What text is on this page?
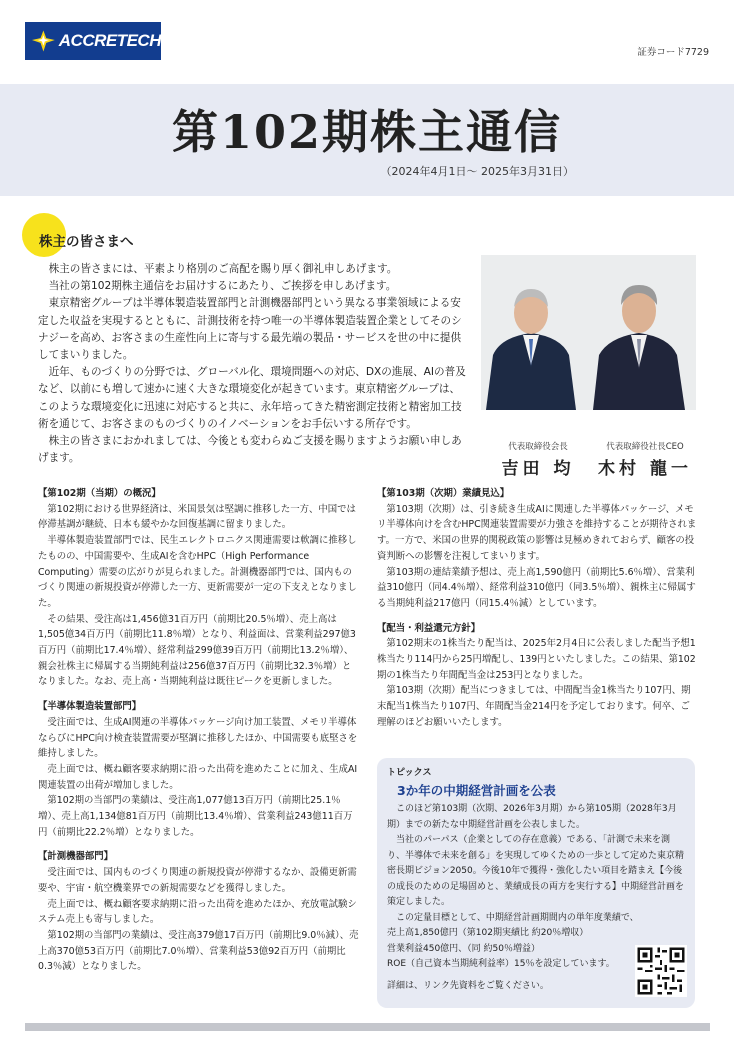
ACCRETECH
証券コード7729
第102期株主通信
（2024年4月1日〜 2025年3月31日）
株主の皆さまへ

株主の皆さまには、平素より格別のご高配を賜り厚く御礼申しあげます。

当社の第102期株主通信をお届けするにあたり、ご挨拶を申しあげます。

東京精密グループは半導体製造装置部門と計測機器部門という異なる事業領域による安定した収益を実現するとともに、計測技術を持つ唯一の半導体製造装置企業としてそのシナジーを高め、お客さまの生産性向上に寄与する最先端の製品・サービスを世の中に提供してまいりました。

近年、ものづくりの分野では、グローバル化、環境問題への対応、DXの進展、AIの普及など、以前にも増して速かに速く大きな環境変化が起きています。東京精密グループは、このような環境変化に迅速に対応すると共に、永年培ってきた精密測定技術と精密加工技術を通じて、お客さまのものづくりのイノベーションをお手伝いする所存です。

株主の皆さまにおかれましては、今後とも変わらぬご支援を賜りますようお願い申しあげます。

代表取締役会長
吉田 均
代表取締役社長CEO
木村 龍一
【第102期（当期）の概況】

第102期における世界経済は、米国景気は堅調に推移した一方、中国では停滞基調が継続、日本も緩やかな回復基調に留まりました。

半導体製造装置部門では、民生エレクトロニクス関連需要は軟調に推移したものの、中国需要や、生成AIを含むHPC（High Performance Computing）需要の広がりが見られました。計測機器部門では、国内ものづくり関連の新規投資が停滞した一方、更新需要が一定の下支えとなりました。

その結果、受注高は1,456億31百万円（前期比20.5％増）、売上高は1,505億34百万円（前期比11.8％増）となり、利益面は、営業利益297億3百万円（前期比17.4％増）、経常利益299億39百万円（前期比13.2％増）、親会社株主に帰属する当期純利益は256億37百万円（前期比32.3％増）となりました。なお、売上高・当期純利益は既往ピークを更新しました。

【半導体製造装置部門】

受注面では、生成AI関連の半導体パッケージ向け加工装置、メモリ半導体ならびにHPC向け検査装置需要が堅調に推移したほか、中国需要も底堅さを維持しました。

売上面では、概ね顧客要求納期に沿った出荷を進めたことに加え、生成AI関連装置の出荷が増加しました。

第102期の当部門の業績は、受注高1,077億13百万円（前期比25.1％増）、売上高1,134億81百万円（前期比13.4％増）、営業利益243億11百万円（前期比22.2％増）となりました。

【計測機器部門】

受注面では、国内ものづくり関連の新規投資が停滞するなか、設備更新需要や、宇宙・航空機業界での新規需要などを獲得しました。

売上面では、概ね顧客要求納期に沿った出荷を進めたほか、充放電試験システム売上も寄与しました。

第102期の当部門の業績は、受注高379億17百万円（前期比9.0％減）、売上高370億53百万円（前期比7.0％増）、営業利益53億92百万円（前期比0.3％減）となりました。

【第103期（次期）業績見込】

第103期（次期）は、引き続き生成AIに関連した半導体パッケージ、メモリ半導体向けを含むHPC関連装置需要が力強さを維持することが期待されます。一方で、米国の世界的関税政策の影響は見極めきれておらず、顧客の投資判断への影響を注視してまいります。

第103期の連結業績予想は、売上高1,590億円（前期比5.6％増）、営業利益310億円（同4.4％増）、経常利益310億円（同3.5％増）、親株主に帰属する当期純利益217億円（同15.4％減）としています。

【配当・利益還元方針】

第102期末の1株当たり配当は、2025年2月4日に公表しました配当予想1株当たり114円から25円増配し、139円といたしました。この結果、第102期の1株当たり年間配当金は253円となりました。

第103期（次期）配当につきましては、中間配当金1株当たり107円、期末配当1株当たり107円、年間配当金214円を予定しております。何卒、ご理解のほどお願いいたします。

トピックス
3か年の中期経営計画を公表

このほど第103期（次期、2026年3月期）から第105期（2028年3月期）までの新たな中期経営計画を公表しました。

当社のパーパス（企業としての存在意義）である、「計測で未来を測り、半導体で未来を創る」を実現してゆくための一歩として定めた東京精密長期ビジョン2050。今後10年で獲得・強化したい項目を踏まえ【今後の成長のための足場固めと、業績成長の両方を実行する】中期経営計画を策定しました。

この定量目標として、中期経営計画期間内の単年度業績で、

売上高1,850億円（第102期実績比 約20％増収）

営業利益450億円、（同 約50％増益）

ROE（自己資本当期純利益率）15％を設定しています。

詳細は、リンク先資料をご覧ください。
